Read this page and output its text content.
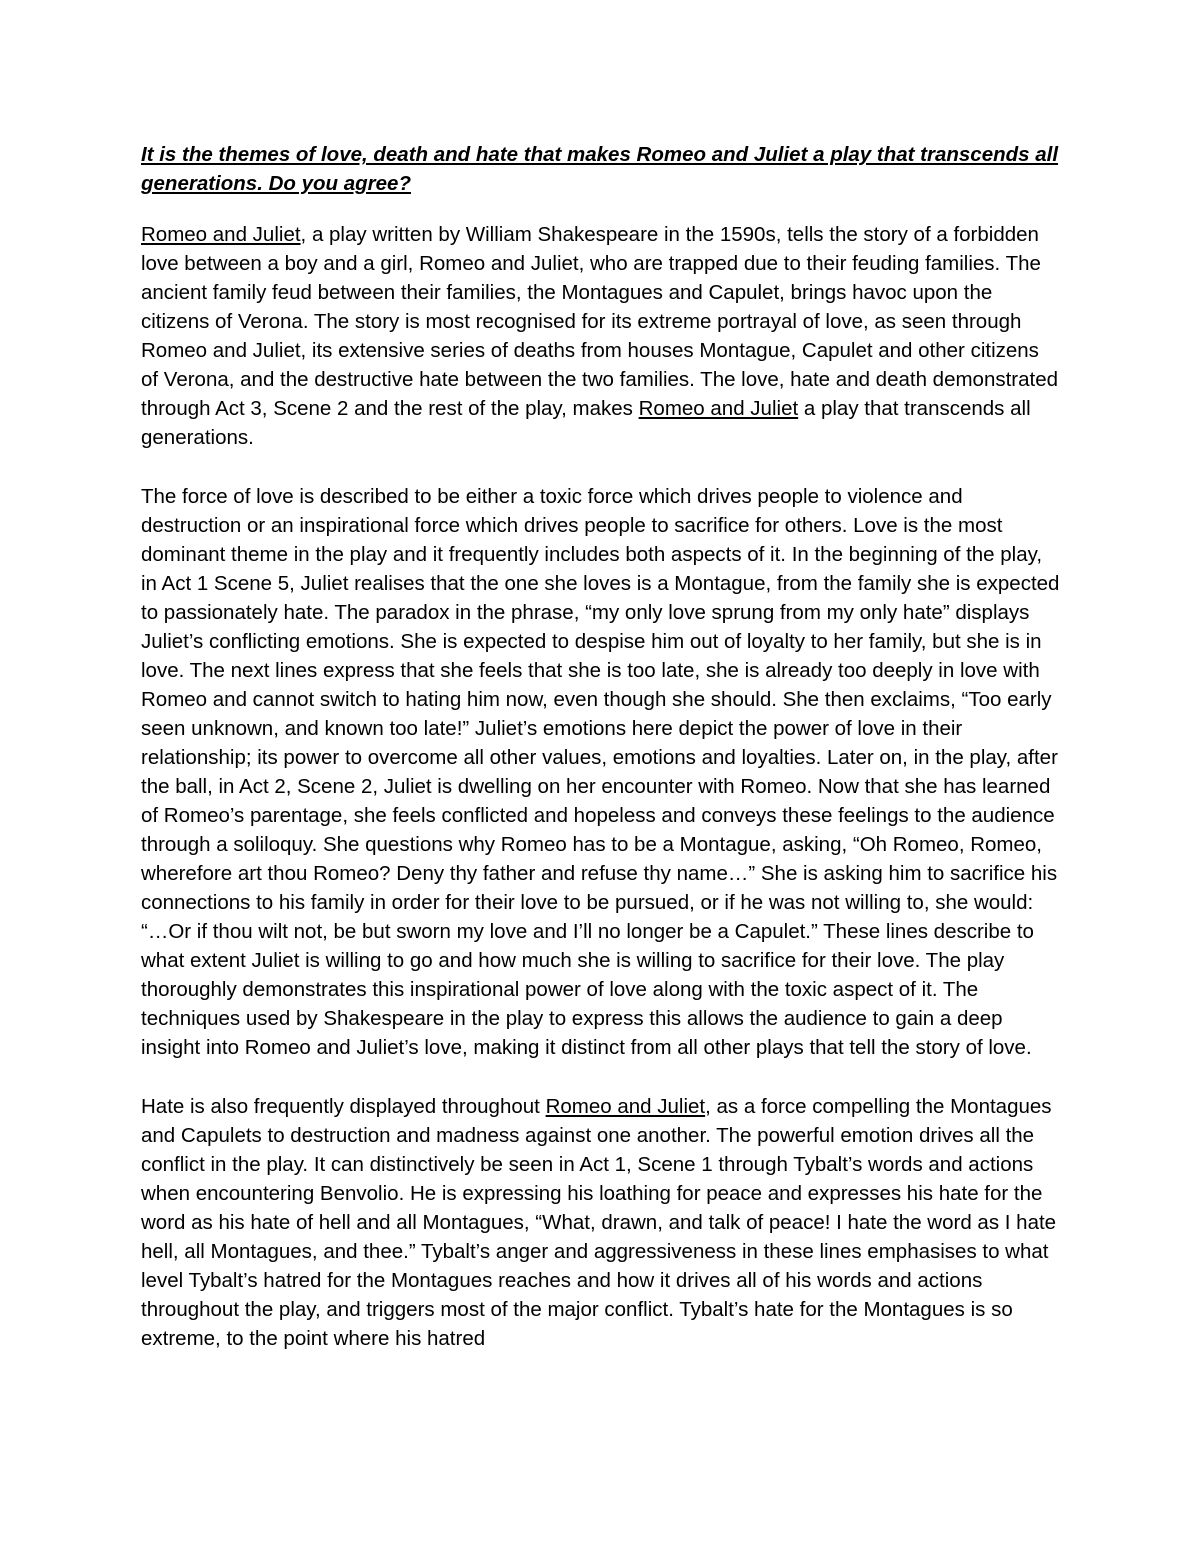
It is the themes of love, death and hate that makes Romeo and Juliet a play that transcends all generations. Do you agree?

Romeo and Juliet, a play written by William Shakespeare in the 1590s, tells the story of a forbidden love between a boy and a girl, Romeo and Juliet, who are trapped due to their feuding families. The ancient family feud between their families, the Montagues and Capulet, brings havoc upon the citizens of Verona. The story is most recognised for its extreme portrayal of love, as seen through Romeo and Juliet, its extensive series of deaths from houses Montague, Capulet and other citizens of Verona, and the destructive hate between the two families. The love, hate and death demonstrated through Act 3, Scene 2 and the rest of the play, makes Romeo and Juliet a play that transcends all generations.

The force of love is described to be either a toxic force which drives people to violence and destruction or an inspirational force which drives people to sacrifice for others. Love is the most dominant theme in the play and it frequently includes both aspects of it. In the beginning of the play, in Act 1 Scene 5, Juliet realises that the one she loves is a Montague, from the family she is expected to passionately hate. The paradox in the phrase, “my only love sprung from my only hate” displays Juliet’s conflicting emotions. She is expected to despise him out of loyalty to her family, but she is in love. The next lines express that she feels that she is too late, she is already too deeply in love with Romeo and cannot switch to hating him now, even though she should. She then exclaims, “Too early seen unknown, and known too late!” Juliet’s emotions here depict the power of love in their relationship; its power to overcome all other values, emotions and loyalties. Later on, in the play, after the ball, in Act 2, Scene 2, Juliet is dwelling on her encounter with Romeo. Now that she has learned of Romeo’s parentage, she feels conflicted and hopeless and conveys these feelings to the audience through a soliloquy. She questions why Romeo has to be a Montague, asking, “Oh Romeo, Romeo, wherefore art thou Romeo? Deny thy father and refuse thy name…” She is asking him to sacrifice his connections to his family in order for their love to be pursued, or if he was not willing to, she would: “…Or if thou wilt not, be but sworn my love and I’ll no longer be a Capulet.” These lines describe to what extent Juliet is willing to go and how much she is willing to sacrifice for their love. The play thoroughly demonstrates this inspirational power of love along with the toxic aspect of it. The techniques used by Shakespeare in the play to express this allows the audience to gain a deep insight into Romeo and Juliet’s love, making it distinct from all other plays that tell the story of love.

Hate is also frequently displayed throughout Romeo and Juliet, as a force compelling the Montagues and Capulets to destruction and madness against one another. The powerful emotion drives all the conflict in the play. It can distinctively be seen in Act 1, Scene 1 through Tybalt’s words and actions when encountering Benvolio. He is expressing his loathing for peace and expresses his hate for the word as his hate of hell and all Montagues, “What, drawn, and talk of peace! I hate the word as I hate hell, all Montagues, and thee.” Tybalt’s anger and aggressiveness in these lines emphasises to what level Tybalt’s hatred for the Montagues reaches and how it drives all of his words and actions throughout the play, and triggers most of the major conflict. Tybalt’s hate for the Montagues is so extreme, to the point where his hatred
